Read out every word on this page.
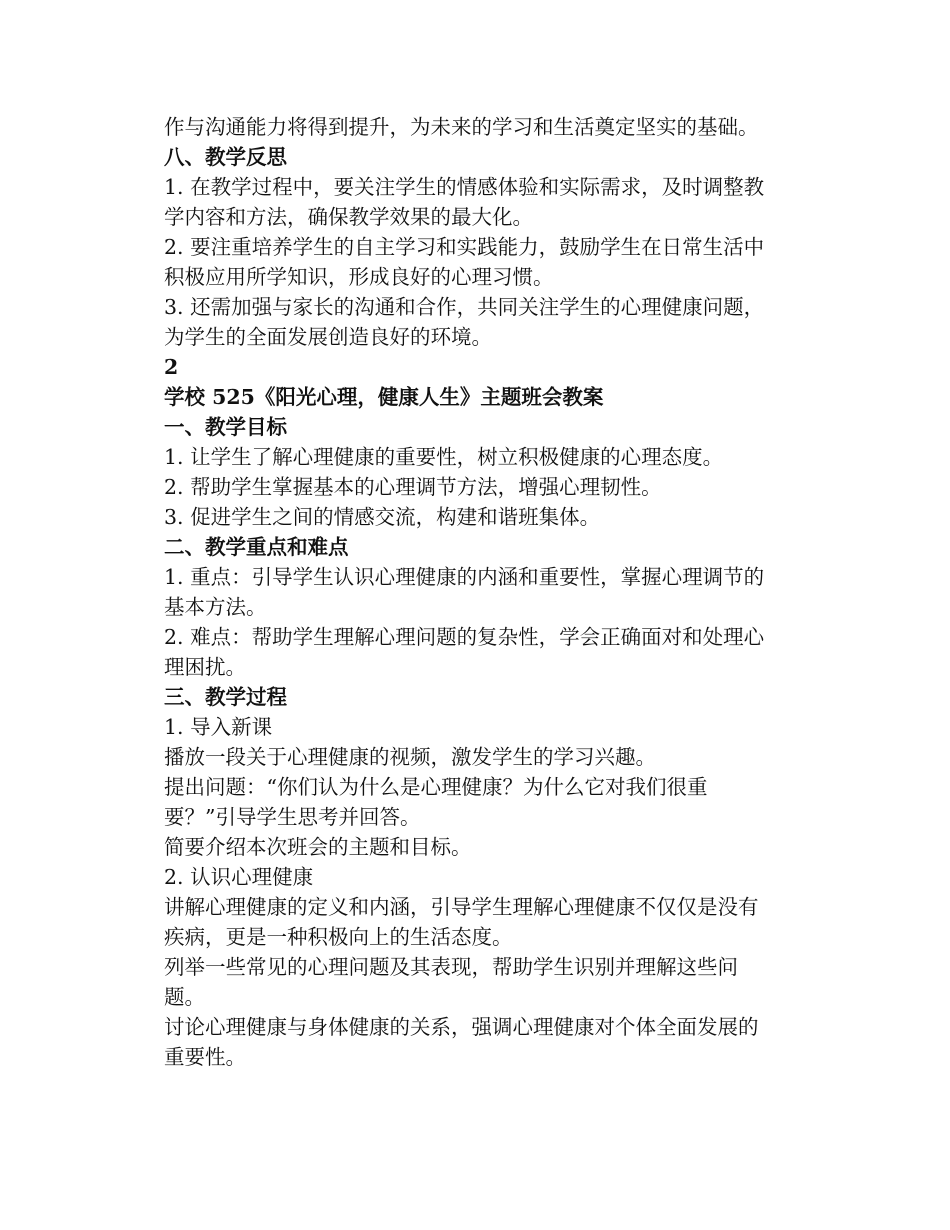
作与沟通能力将得到提升，为未来的学习和生活奠定坚实的基础。

八、教学反思

1. 在教学过程中，要关注学生的情感体验和实际需求，及时调整教学内容和方法，确保教学效果的最大化。

2. 要注重培养学生的自主学习和实践能力，鼓励学生在日常生活中积极应用所学知识，形成良好的心理习惯。

3. 还需加强与家长的沟通和合作，共同关注学生的心理健康问题，为学生的全面发展创造良好的环境。

2

学校 525《阳光心理，健康人生》主题班会教案

一、教学目标

1. 让学生了解心理健康的重要性，树立积极健康的心理态度。

2. 帮助学生掌握基本的心理调节方法，增强心理韧性。

3. 促进学生之间的情感交流，构建和谐班集体。

二、教学重点和难点

1. 重点：引导学生认识心理健康的内涵和重要性，掌握心理调节的基本方法。

2. 难点：帮助学生理解心理问题的复杂性，学会正确面对和处理心理困扰。

三、教学过程

1. 导入新课

播放一段关于心理健康的视频，激发学生的学习兴趣。

提出问题：“你们认为什么是心理健康？为什么它对我们很重要？”引导学生思考并回答。

简要介绍本次班会的主题和目标。

2. 认识心理健康

讲解心理健康的定义和内涵，引导学生理解心理健康不仅仅是没有疾病，更是一种积极向上的生活态度。

列举一些常见的心理问题及其表现，帮助学生识别并理解这些问题。

讨论心理健康与身体健康的关系，强调心理健康对个体全面发展的重要性。
